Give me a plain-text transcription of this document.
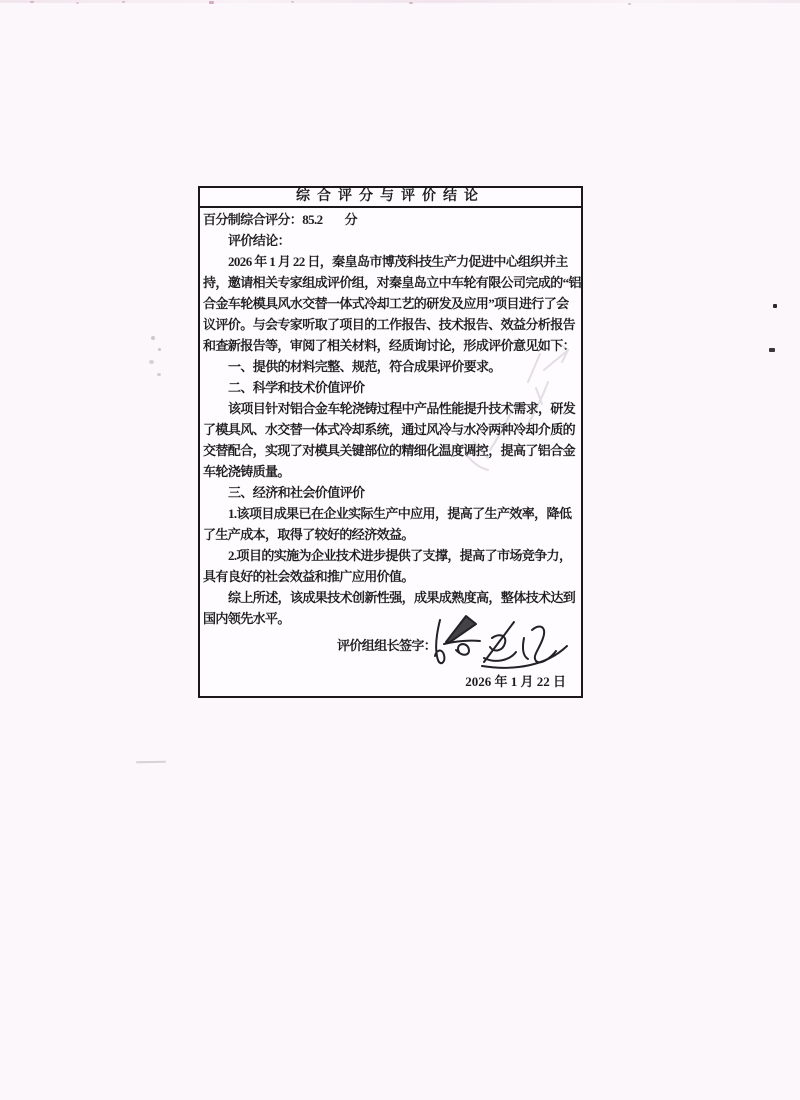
综合评分与评价结论
百分制综合评分：85.2 分
评价结论：
2026 年 1 月 22 日，秦皇岛市博茂科技生产力促进中心组织并主
持，邀请相关专家组成评价组，对秦皇岛立中车轮有限公司完成的“铝
合金车轮模具风水交替一体式冷却工艺的研发及应用”项目进行了会
议评价。与会专家听取了项目的工作报告、技术报告、效益分析报告
和查新报告等，审阅了相关材料，经质询讨论，形成评价意见如下：
一、提供的材料完整、规范，符合成果评价要求。
二、科学和技术价值评价
该项目针对铝合金车轮浇铸过程中产品性能提升技术需求，研发
了模具风、水交替一体式冷却系统，通过风冷与水冷两种冷却介质的
交替配合，实现了对模具关键部位的精细化温度调控，提高了铝合金
车轮浇铸质量。
三、经济和社会价值评价
1.该项目成果已在企业实际生产中应用，提高了生产效率，降低
了生产成本，取得了较好的经济效益。
2.项目的实施为企业技术进步提供了支撑，提高了市场竞争力，
具有良好的社会效益和推广应用价值。
综上所述，该成果技术创新性强，成果成熟度高，整体技术达到
国内领先水平。
评价组组长签字：
2026 年 1 月 22 日
